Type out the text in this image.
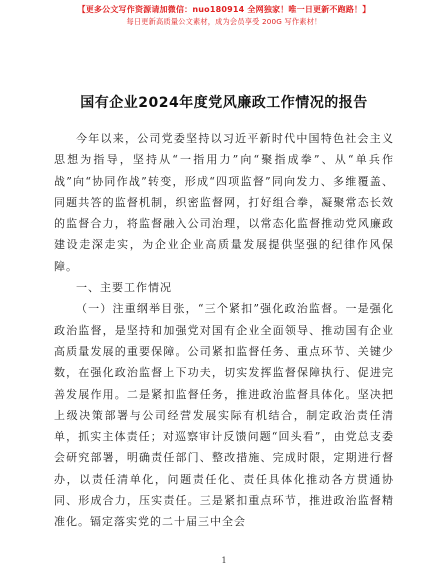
【更多公文写作资源请加微信：nuo180914 全网独家！唯一日更新不跑路！】
每日更新高质量公文素材，成为会员享受 200G 写作素材！
国有企业2024年度党风廉政工作情况的报告

今年以来，公司党委坚持以习近平新时代中国特色社会主义思想为指导，坚持从“一指用力”向“聚指成拳”、从“单兵作战”向“协同作战”转变，形成“四项监督”同向发力、多维覆盖、同题共答的监督机制，织密监督网，打好组合拳，凝聚常态长效的监督合力，将监督融入公司治理，以常态化监督推动党风廉政建设走深走实，为企业企业高质量发展提供坚强的纪律作风保障。

一、主要工作情况

（一）注重纲举目张，“三个紧扣”强化政治监督。一是强化政治监督，是坚持和加强党对国有企业全面领导、推动国有企业高质量发展的重要保障。公司紧扣监督任务、重点环节、关键少数，在强化政治监督上下功夫，切实发挥监督保障执行、促进完善发展作用。二是紧扣监督任务，推进政治监督具体化。坚决把上级决策部署与公司经营发展实际有机结合，制定政治责任清单，抓实主体责任；对巡察审计反馈问题“回头看”，由党总支委会研究部署，明确责任部门、整改措施、完成时限，定期进行督办，以责任清单化，问题责任化、责任具体化推动各方贯通协同、形成合力，压实责任。三是紧扣重点环节，推进政治监督精准化。镉定落实党的二十届三中全会

1
